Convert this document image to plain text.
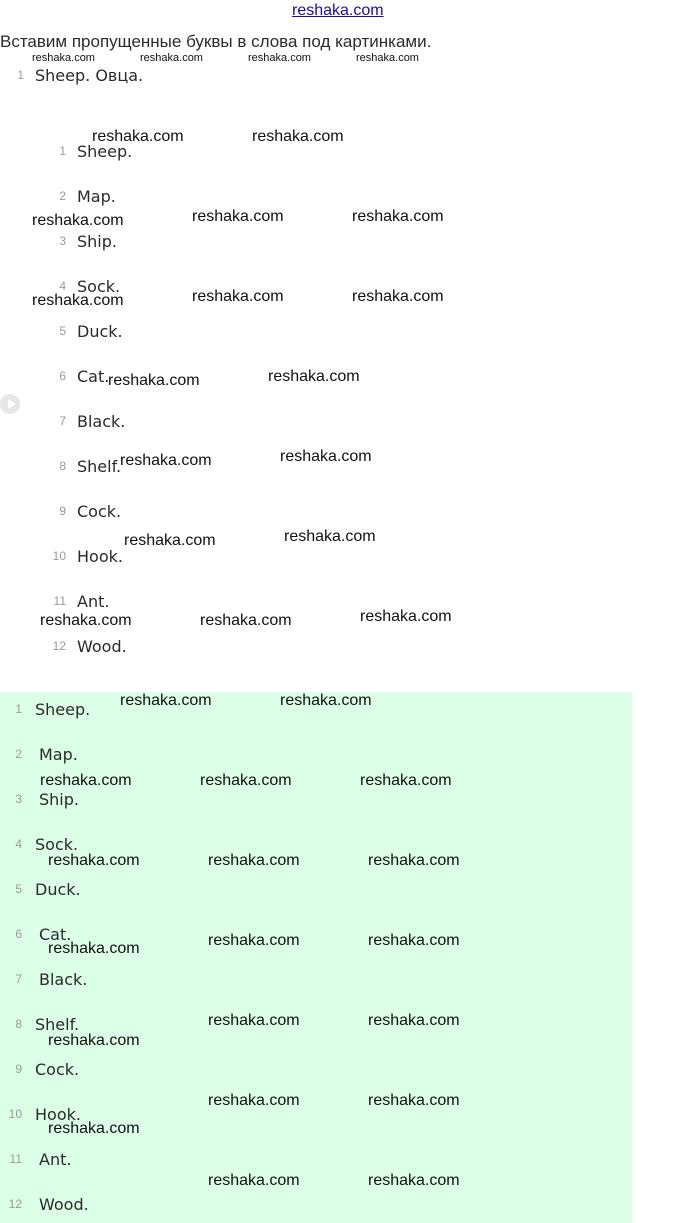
reshaka.com
Вставим пропущенные буквы в слова под картинками.
1 Sheep. Овца.
1 Sheep.
2 Map.
3 Ship.
4 Sock.
5 Duck.
6 Cat.
7 Black.
8 Shelf.
9 Cock.
10 Hook.
11 Ant.
12 Wood.
1 Sheep.
2 Map.
3 Ship.
4 Sock.
5 Duck.
6 Cat.
7 Black.
8 Shelf.
9 Cock.
10 Hook.
11 Ant.
12 Wood.
reshaka.com	reshaka.com	reshaka.com	reshaka.com
reshaka.com	reshaka.com
reshaka.com	reshaka.com	reshaka.com
reshaka.com	reshaka.com	reshaka.com
reshaka.com	reshaka.com
reshaka.com	reshaka.com
reshaka.com	reshaka.com
reshaka.com	reshaka.com	reshaka.com
reshaka.com	reshaka.com
reshaka.com	reshaka.com	reshaka.com
reshaka.com	reshaka.com	reshaka.com
reshaka.com	reshaka.com	reshaka.com
reshaka.com	reshaka.com
reshaka.com
reshaka.com	reshaka.com
reshaka.com
reshaka.com	reshaka.com
